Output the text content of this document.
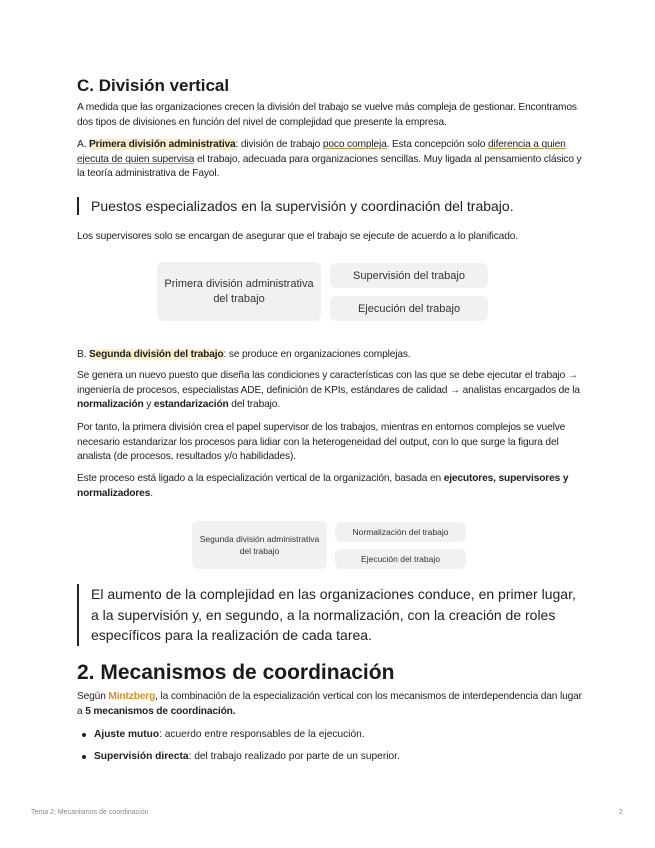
C. División vertical

A medida que las organizaciones crecen la división del trabajo se vuelve más compleja de gestionar. Encontramos dos tipos de divisiones en función del nivel de complejidad que presente la empresa.

A. Primera división administrativa: división de trabajo poco compleja. Esta concepción solo diferencia a quien ejecuta de quien supervisa el trabajo, adecuada para organizaciones sencillas. Muy ligada al pensamiento clásico y la teoría administrativa de Fayol.

Puestos especializados en la supervisión y coordinación del trabajo.

Los supervisores solo se encargan de asegurar que el trabajo se ejecute de acuerdo a lo planificado.

Primera división administrativa del trabajo
Supervisión del trabajo
Ejecución del trabajo

B. Segunda división del trabajo: se produce en organizaciones complejas.

Se genera un nuevo puesto que diseña las condiciones y características con las que se debe ejecutar el trabajo → ingeniería de procesos, especialistas ADE, definición de KPIs, estándares de calidad → analistas encargados de la normalización y estandarización del trabajo.

Por tanto, la primera división crea el papel supervisor de los trabajos, mientras en entornos complejos se vuelve necesario estandarizar los procesos para lidiar con la heterogeneidad del output, con lo que surge la figura del analista (de procesos, resultados y/o habilidades).

Este proceso está ligado a la especialización vertical de la organización, basada en ejecutores, supervisores y normalizadores.

Segunda división administrativa del trabajo
Normalización del trabajo
Ejecución del trabajo
El aumento de la complejidad en las organizaciones conduce, en primer lugar, a la supervisión y, en segundo, a la normalización, con la creación de roles específicos para la realización de cada tarea.
2. Mecanismos de coordinación

Según Mintzberg, la combinación de la especialización vertical con los mecanismos de interdependencia dan lugar a 5 mecanismos de coordinación.

Ajuste mutuo: acuerdo entre responsables de la ejecución.
Supervisión directa: del trabajo realizado por parte de un superior.
Tema 2: Mecanismos de coordinación	2
